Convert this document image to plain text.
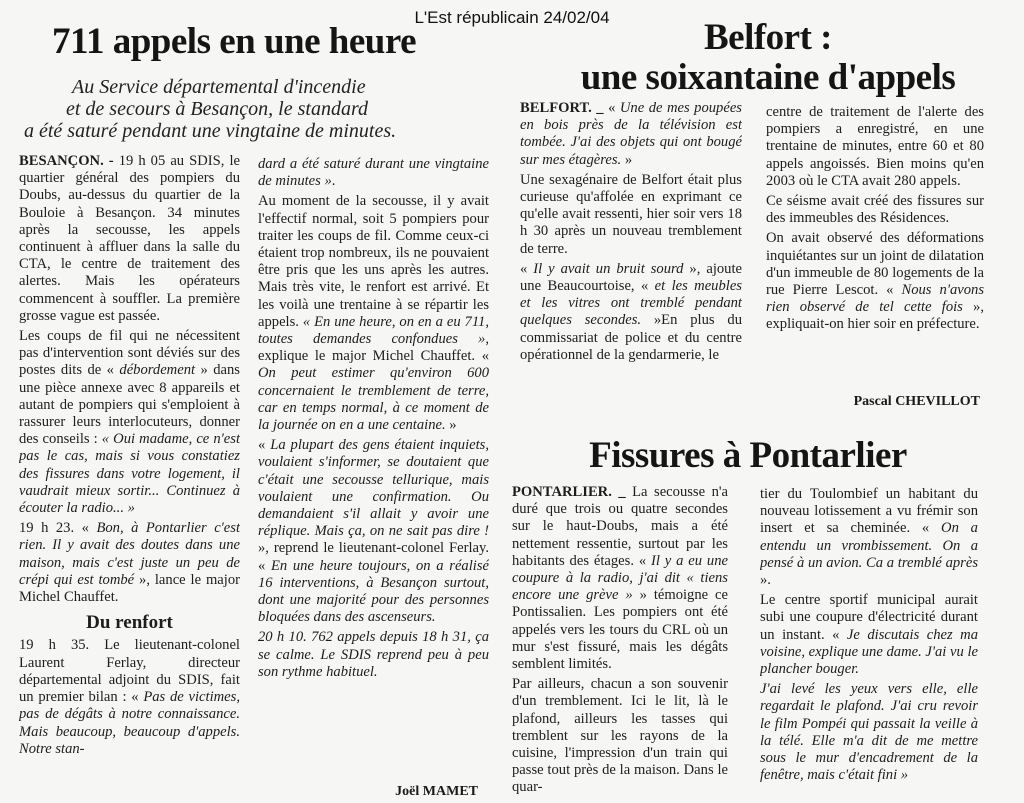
L'Est républicain 24/02/04
711 appels en une heure

Au Service départemental d'incendie

et de secours à Besançon, le standard

a été saturé pendant une vingtaine de minutes.

BESANÇON. - 19 h 05 au SDIS, le quartier général des pompiers du Doubs, au-dessus du quartier de la Bouloie à Besançon. 34 minutes après la secousse, les appels continuent à affluer dans la salle du CTA, le centre de traitement des alertes. Mais les opérateurs commencent à souffler. La première grosse vague est passée.

Les coups de fil qui ne nécessitent pas d'intervention sont déviés sur des postes dits de « débordement » dans une pièce annexe avec 8 appareils et autant de pompiers qui s'emploient à rassurer leurs interlocuteurs, donner des conseils : « Oui madame, ce n'est pas le cas, mais si vous constatiez des fissures dans votre logement, il vaudrait mieux sortir... Continuez à écouter la radio... »

19 h 23. « Bon, à Pontarlier c'est rien. Il y avait des doutes dans une maison, mais c'est juste un peu de crépi qui est tombé », lance le major Michel Chauffet.

Du renfort

19 h 35. Le lieutenant-colonel Laurent Ferlay, directeur départemental adjoint du SDIS, fait un premier bilan : « Pas de victimes, pas de dégâts à notre connaissance. Mais beaucoup, beaucoup d'appels. Notre stan-

dard a été saturé durant une vingtaine de minutes ».

Au moment de la secousse, il y avait l'effectif normal, soit 5 pompiers pour traiter les coups de fil. Comme ceux-ci étaient trop nombreux, ils ne pouvaient être pris que les uns après les autres. Mais très vite, le renfort est arrivé. Et les voilà une trentaine à se répartir les appels. « En une heure, on en a eu 711, toutes demandes confondues », explique le major Michel Chauffet. « On peut estimer qu'environ 600 concernaient le tremblement de terre, car en temps normal, à ce moment de la journée on en a une centaine. »

« La plupart des gens étaient inquiets, voulaient s'informer, se doutaient que c'était une secousse tellurique, mais voulaient une confirmation. Ou demandaient s'il allait y avoir une réplique. Mais ça, on ne sait pas dire ! », reprend le lieutenant-colonel Ferlay. « En une heure toujours, on a réalisé 16 interventions, à Besançon surtout, dont une majorité pour des personnes bloquées dans des ascenseurs.

20 h 10. 762 appels depuis 18 h 31, ça se calme. Le SDIS reprend peu à peu son rythme habituel.

Joël MAMET
Belfort :
une soixantaine d'appels

BELFORT. _ « Une de mes poupées en bois près de la télévision est tombée. J'ai des objets qui ont bougé sur mes étagères. »

Une sexagénaire de Belfort était plus curieuse qu'affolée en exprimant ce qu'elle avait ressenti, hier soir vers 18 h 30 après un nouveau tremblement de terre.

« Il y avait un bruit sourd », ajoute une Beaucourtoise, « et les meubles et les vitres ont tremblé pendant quelques secondes. »En plus du commissariat de police et du centre opérationnel de la gendarmerie, le

centre de traitement de l'alerte des pompiers a enregistré, en une trentaine de minutes, entre 60 et 80 appels angoissés. Bien moins qu'en 2003 où le CTA avait 280 appels.

Ce séisme avait créé des fissures sur des immeubles des Résidences.

On avait observé des déformations inquiétantes sur un joint de dilatation d'un immeuble de 80 logements de la rue Pierre Lescot. « Nous n'avons rien observé de tel cette fois », expliquait-on hier soir en préfecture.

Pascal CHEVILLOT
Fissures à Pontarlier

PONTARLIER. _ La secousse n'a duré que trois ou quatre secondes sur le haut-Doubs, mais a été nettement ressentie, surtout par les habitants des étages. « Il y a eu une coupure à la radio, j'ai dit « tiens encore une grève » » témoigne ce Pontissalien. Les pompiers ont été appelés vers les tours du CRL où un mur s'est fissuré, mais les dégâts semblent limités.

Par ailleurs, chacun a son souvenir d'un tremblement. Ici le lit, là le plafond, ailleurs les tasses qui tremblent sur les rayons de la cuisine, l'impression d'un train qui passe tout près de la maison. Dans le quar-

tier du Toulombief un habitant du nouveau lotissement a vu frémir son insert et sa cheminée. « On a entendu un vrombissement. On a pensé à un avion. Ca a tremblé après ».

Le centre sportif municipal aurait subi une coupure d'électricité durant un instant. « Je discutais chez ma voisine, explique une dame. J'ai vu le plancher bouger.

J'ai levé les yeux vers elle, elle regardait le plafond. J'ai cru revoir le film Pompéi qui passait la veille à la télé. Elle m'a dit de me mettre sous le mur d'encadrement de la fenêtre, mais c'était fini »
